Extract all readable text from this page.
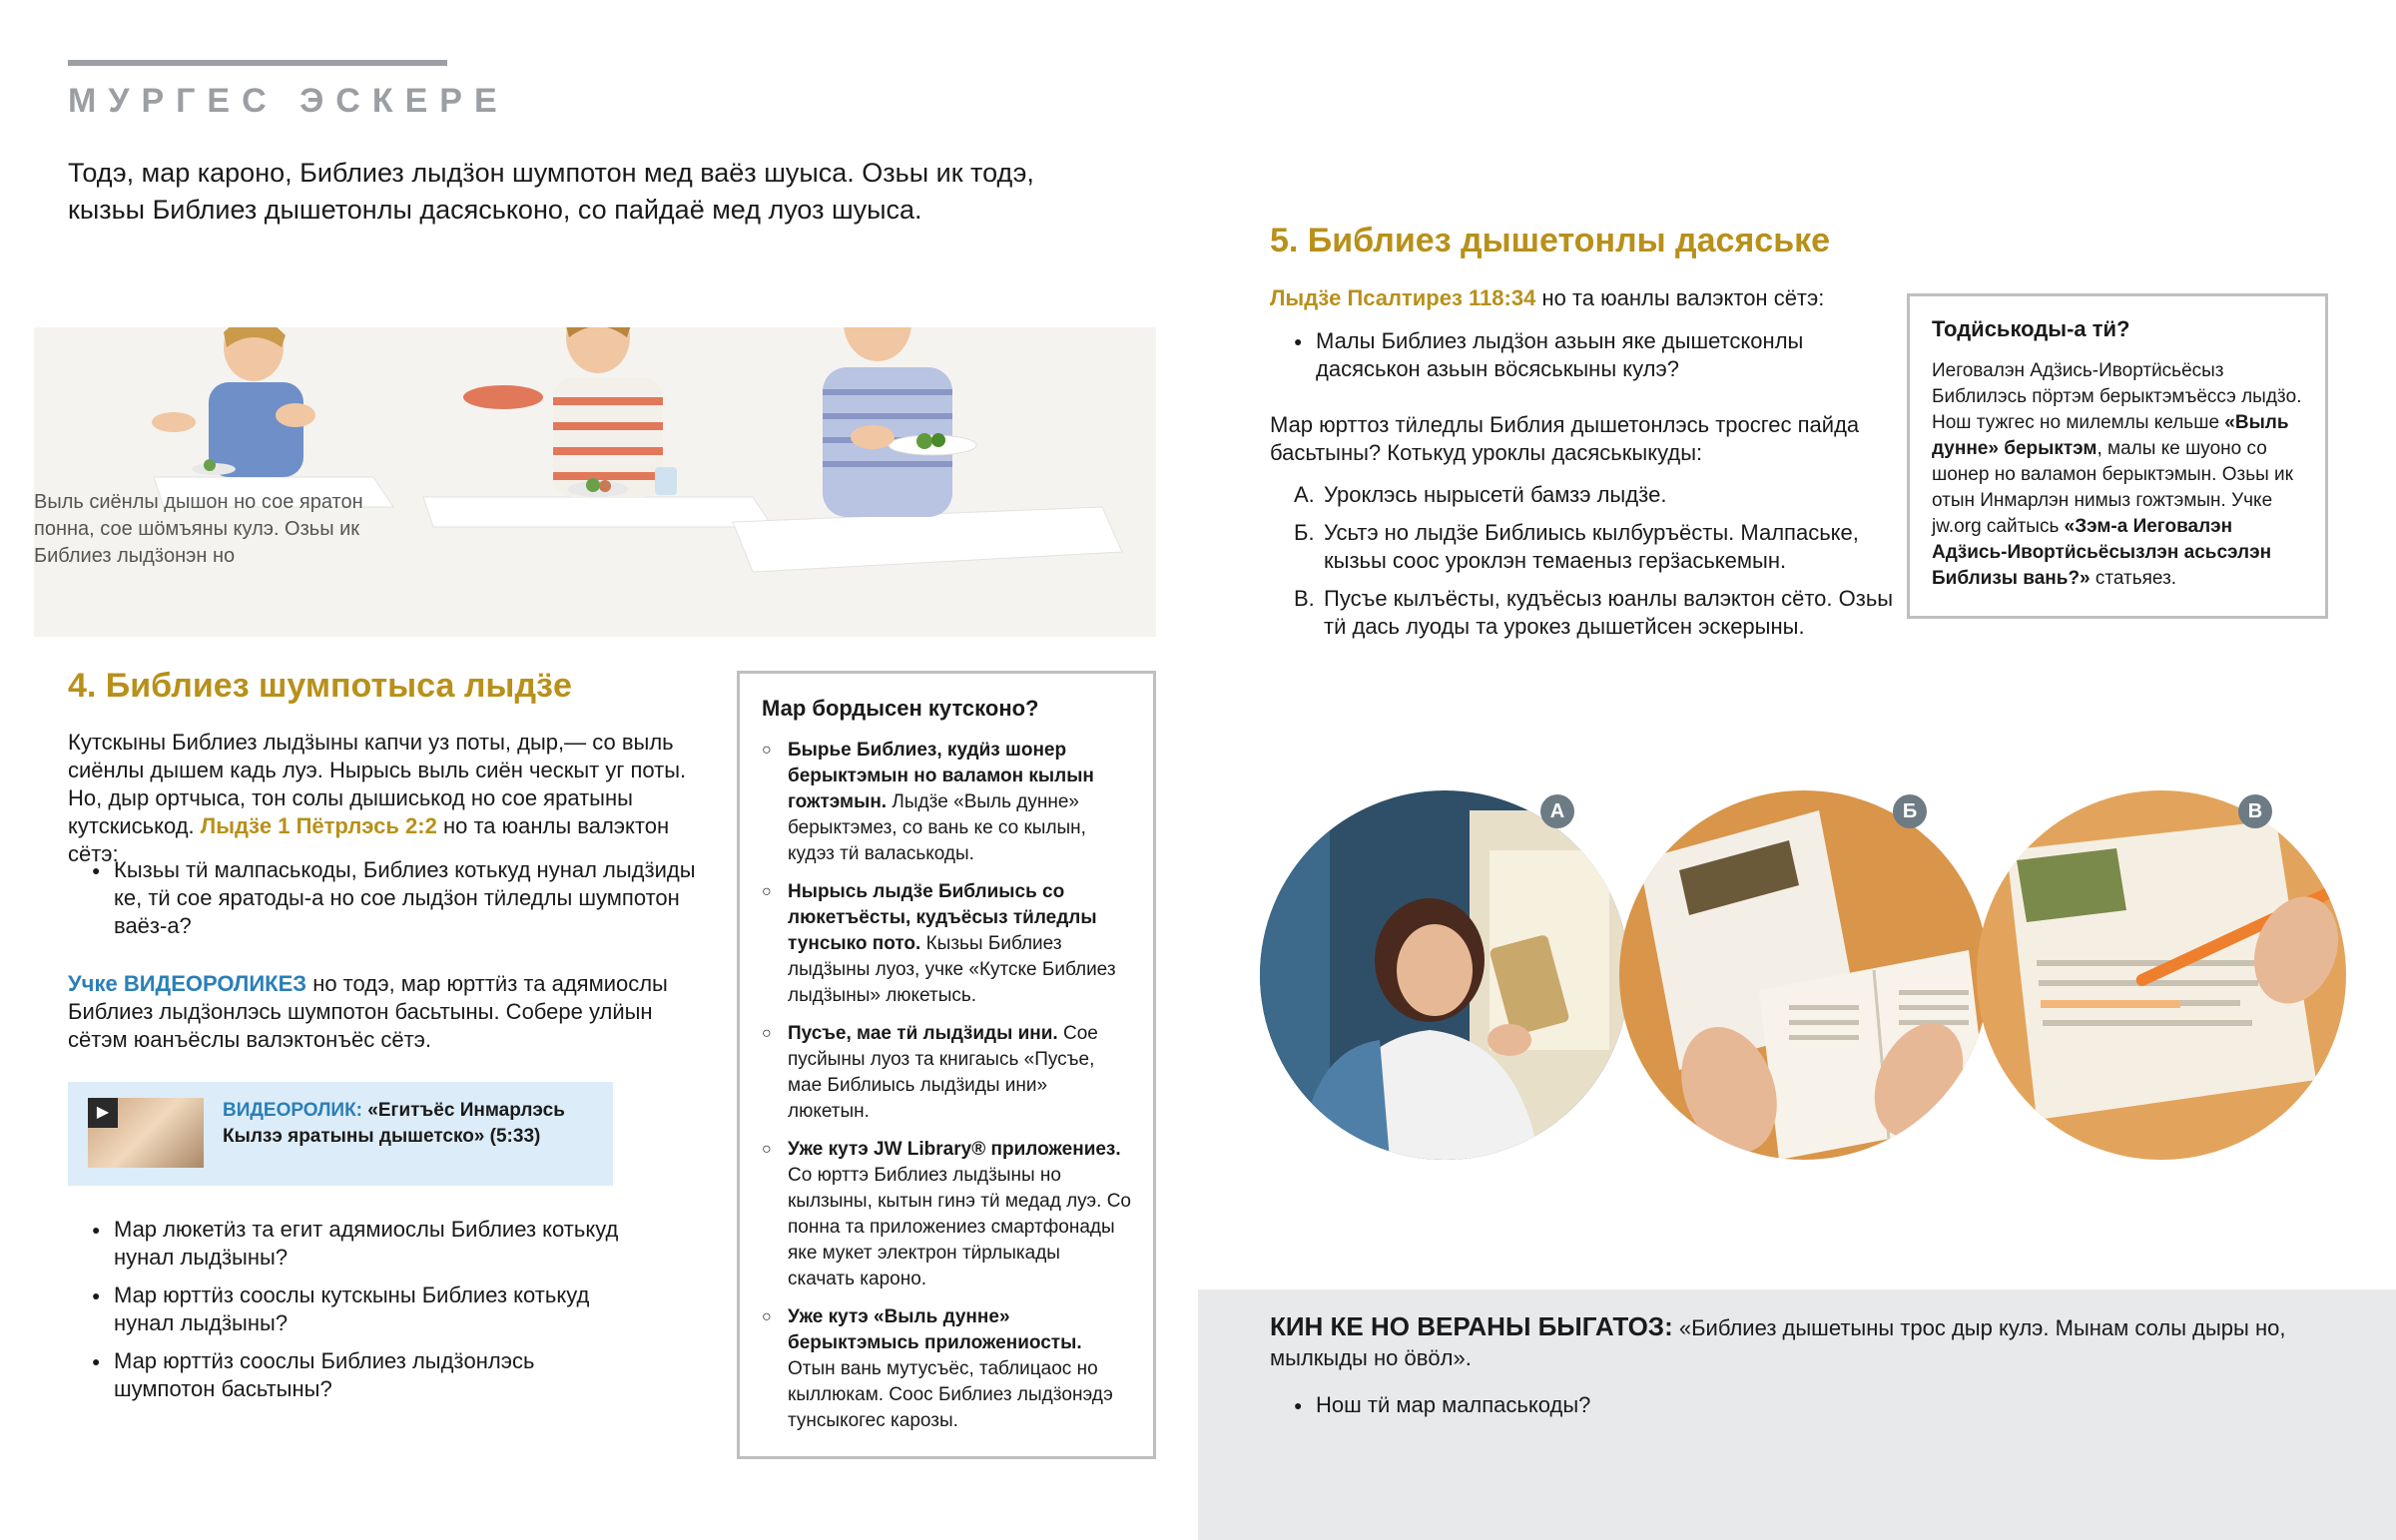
МУРГЕС ЭСКЕРЕ
Тодэ, мар кароно, Библиез лыдӟон шумпотон мед ваёз шуыса. Озьы ик тодэ, кызьы Библиез дышетонлы дасяськоно, со пайдаё мед луоз шуыса.
Выль сиёнлы дышон но сое яратон понна, сое шӧмъяны кулэ. Озьы ик Библиез лыдӟонэн но
4. Библиез шумпотыса лыдӟе
Кутскыны Библиез лыдӟыны капчи уз поты, дыр,— со выль сиёнлы дышем кадь луэ. Нырысь выль сиён ческыт уг поты. Но, дыр ортчыса, тон солы дышиськод но сое яратыны кутскиськод. Лыдӟе 1 Пётрлэсь 2:2 но та юанлы валэктон сётэ:
● Кызьы тӥ малпаськоды, Библиез котькуд нунал лыдӟиды ке, тӥ сое яратоды-а но сое лыдӟон тӥледлы шумпотон ваёз-а?
Учке ВИДЕОРОЛИКЕЗ но тодэ, мар юрттӥз та адямиослы Библиез лыдӟонлэсь шумпотон басьтыны. Собере улӥын сётэм юанъёслы валэктонъёс сётэ.
▶	ВИДЕОРОЛИК: «Егитъёс Инмарлэсь Кылзэ яратыны дышетско» (5:33)
● Мар люкетӥз та егит адямиослы Библиез котькуд нунал лыдӟыны?
● Мар юрттӥз соослы кутскыны Библиез котькуд нунал лыдӟыны?
● Мар юрттӥз соослы Библиез лыдӟонлэсь шумпотон басьтыны?
Мар бордысен кутсконо?
○ Бырье Библиез, кудӥз шонер берыктэмын но валамон кылын гожтэмын. Лыдӟе «Выль дунне» берыктэмез, со вань ке со кылын, кудэз тӥ валаськоды.
○ Нырысь лыдӟе Библиысь со люкетъёсты, кудъёсыз тӥледлы тунсыко пото. Кызьы Библиез лыдӟыны луоз, учке «Кутске Библиез лыдӟыны» люкетысь.
○ Пусъе, мае тӥ лыдӟиды ини. Сое пусйыны луоз та книгаысь «Пусъе, мае Библиысь лыдӟиды ини» люкетын.
○ Уже кутэ JW Library® приложениез. Со юрттэ Библиез лыдӟыны но кылзыны, кытын гинэ тӥ медад луэ. Со понна та приложениез смартфонады яке мукет электрон тӥрлыкады скачать кароно.
○ Уже кутэ «Выль дунне» берыктэмысь приложениосты. Отын вань мутусъёс, таблицаос но кыллюкам. Соос Библиез лыдӟонэдэ тунсыкогес карозы.
5. Библиез дышетонлы дасяське
Лыдӟе Псалтирез 118:34 но та юанлы валэктон сётэ:
● Малы Библиез лыдӟон азьын яке дышетсконлы дасяськон азьын вӧсяськыны кулэ?
Мар юрттоз тӥледлы Библия дышетонлэсь тросгес пайда басьтыны? Котькуд уроклы дасяськыкуды:
А. Уроклэсь нырысетӥ бамзэ лыдӟе.
Б. Усьтэ но лыдӟе Библиысь кылбуръёсты. Малпаське, кызьы соос уроклэн темаеныз герӟаськемын.
В. Пусъе кылъёсты, кудъёсыз юанлы валэктон сёто. Озьы тӥ дась луоды та урокез дышетйсен эскерыны.
Тодӥськоды-а тӥ?
Иеговалэн Адӟись-Ивортӥсьёсыз Библилэсь пӧртэм берыктэмъёссэ лыдӟо. Нош тужгес но милемлы кельше «Выль дунне» берыктэм, малы ке шуоно со шонер но валамон берыктэмын. Озьы ик отын Инмарлэн нимыз гожтэмын. Учке jw.org сайтысь «Зэм-а Иеговалэн Адӟись-Ивортӥсьёсызлэн асьсэлэн Библизы вань?» статьяез.
А	Б	В
КИН КЕ НО ВЕРАНЫ БЫГАТОЗ: «Библиез дышетыны трос дыр кулэ. Мынам солы дыры но, мылкыды но ӧвӧл».
● Нош тӥ мар малпаськоды?
